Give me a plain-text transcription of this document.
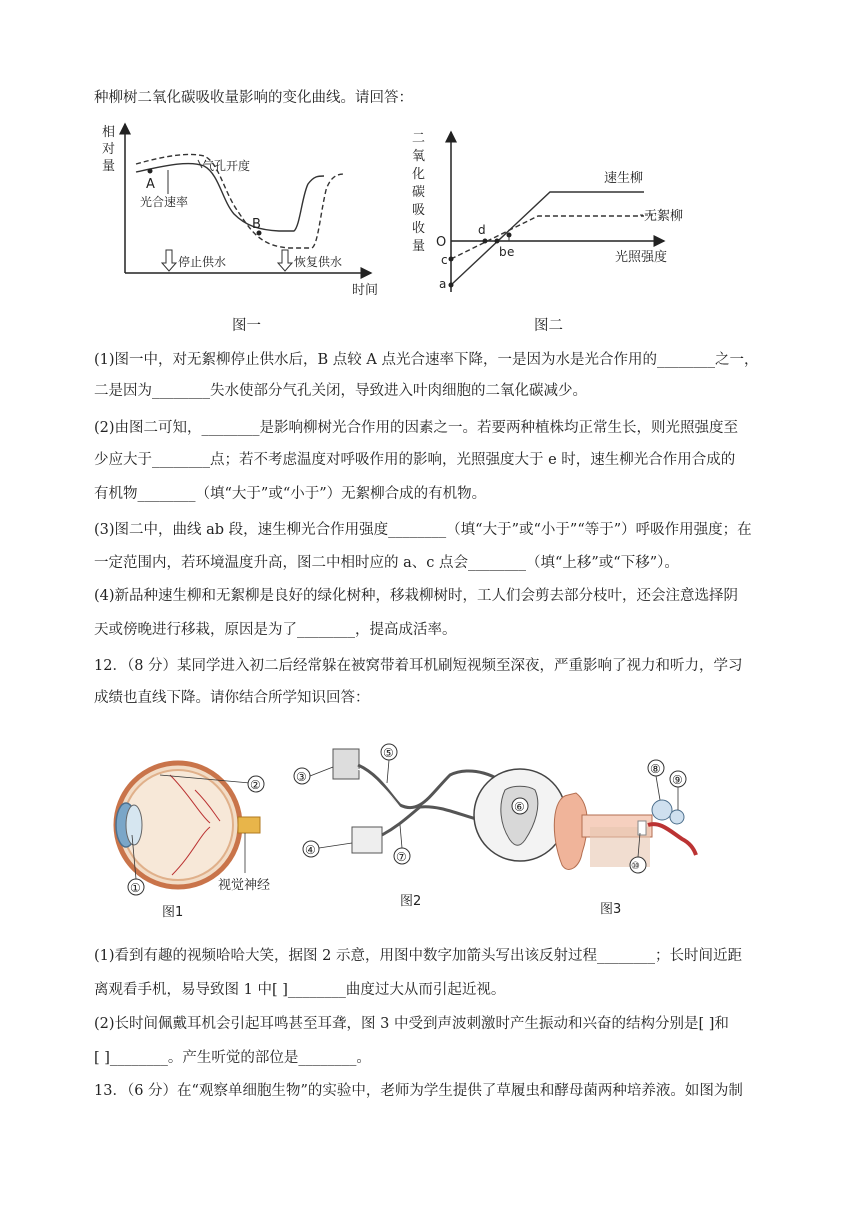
种柳树二氧化碳吸收量影响的变化曲线。请回答：
相
对
量
时间
气孔开度
光合速率
A
B
停止供水	恢复供水
图一
二
氧
化
碳
吸
收
量 O
光照强度
速生柳
无絮柳
a
c
d
b e
图二
(1)图一中，对无絮柳停止供水后，B 点较 A 点光合速率下降，一是因为水是光合作用的________之一，
二是因为________失水使部分气孔关闭，导致进入叶肉细胞的二氧化碳减少。
(2)由图二可知，________是影响柳树光合作用的因素之一。若要两种植株均正常生长，则光照强度至
少应大于________点；若不考虑温度对呼吸作用的影响，光照强度大于 e 时，速生柳光合作用合成的
有机物________（填“大于”或“小于”）无絮柳合成的有机物。
(3)图二中，曲线 ab 段，速生柳光合作用强度________（填“大于”或“小于”“等于”）呼吸作用强度；在
一定范围内，若环境温度升高，图二中相时应的 a、c 点会________（填“上移”或“下移”）。
(4)新品种速生柳和无絮柳是良好的绿化树种，移栽柳树时，工人们会剪去部分枝叶，还会注意选择阴
天或傍晚进行移栽，原因是为了________，提高成活率。
12．（8 分）某同学进入初二后经常躲在被窝带着耳机刷短视频至深夜，严重影响了视力和听力，学习
成绩也直线下降。请你结合所学知识回答：
②
①	视觉神经
图1
⑤
③
④
⑥
⑦
图2
⑧
⑨
⑩
图3
(1)看到有趣的视频哈哈大笑，据图 2 示意，用图中数字加箭头写出该反射过程________；长时间近距
离观看手机，易导致图 1 中[ ]________曲度过大从而引起近视。
(2)长时间佩戴耳机会引起耳鸣甚至耳聋，图 3 中受到声波刺激时产生振动和兴奋的结构分别是[ ]和
[ ]________。产生听觉的部位是________。
13．（6 分）在“观察单细胞生物”的实验中，老师为学生提供了草履虫和酵母菌两种培养液。如图为制
